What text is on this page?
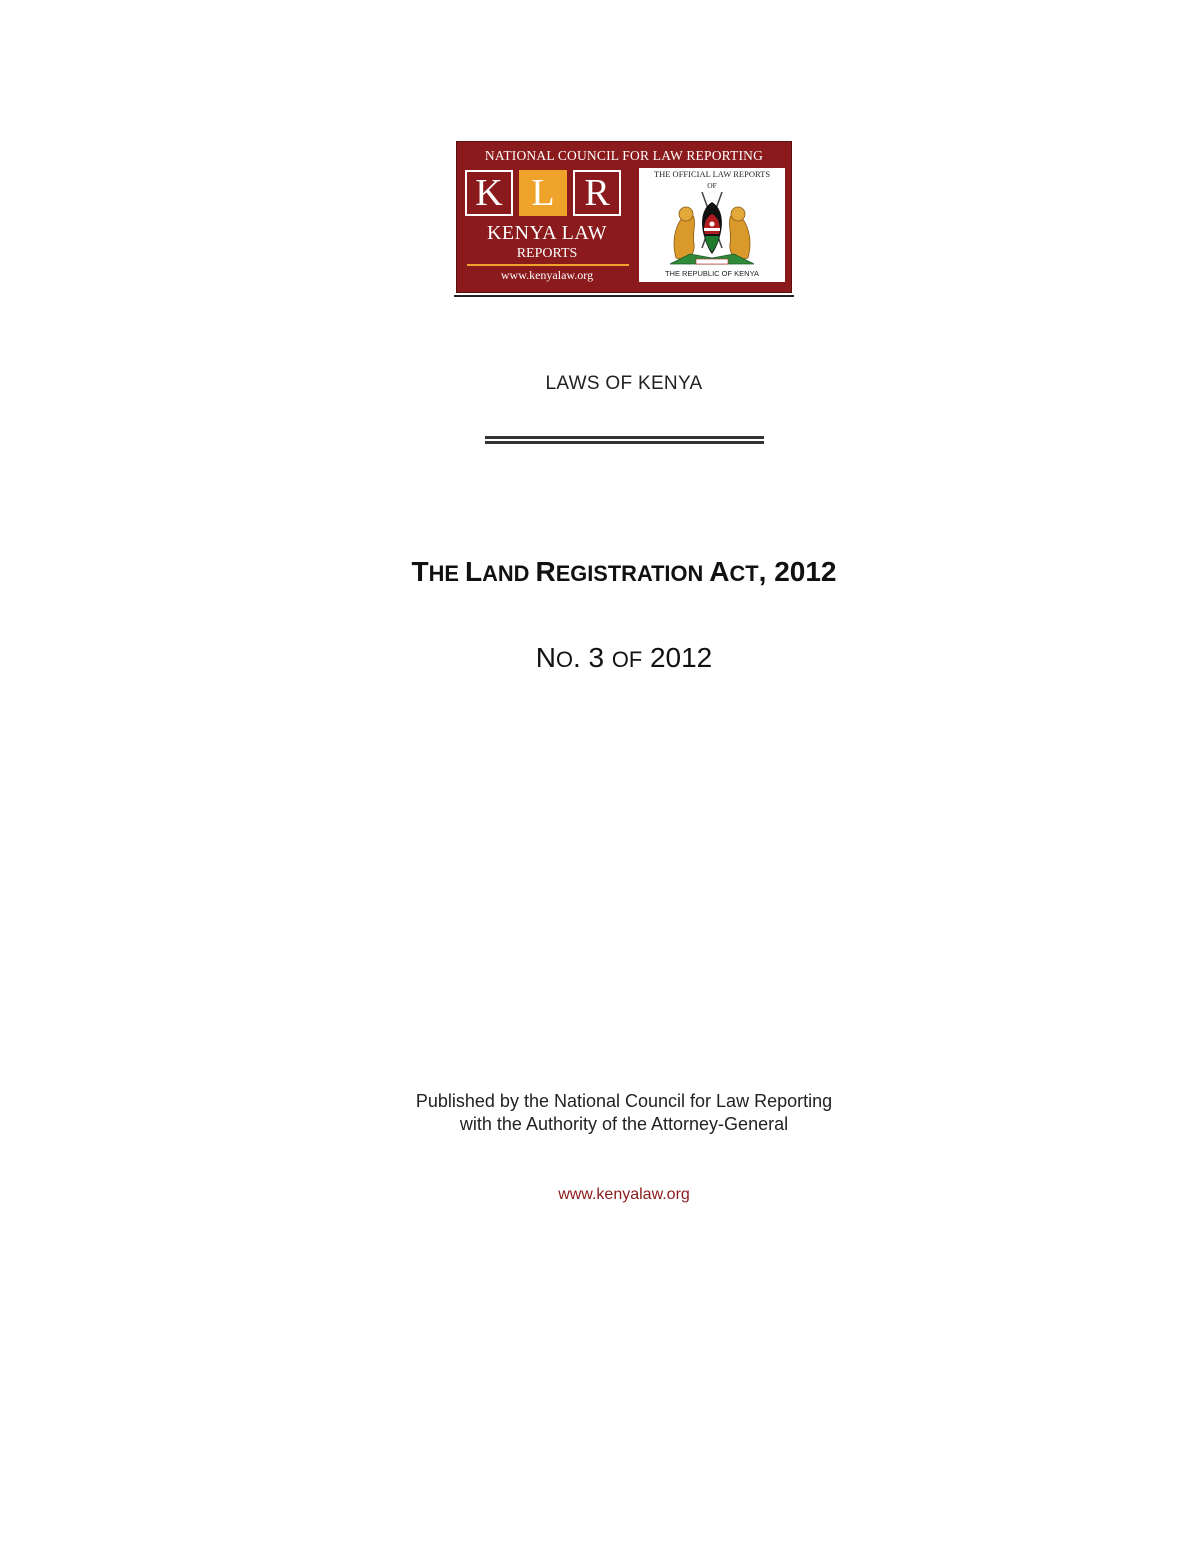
NATIONAL COUNCIL FOR LAW REPORTING
K L R
KENYA LAW
REPORTS
www.kenyalaw.org
THE OFFICIAL LAW REPORTS
OF
THE REPUBLIC OF KENYA
LAWS OF KENYA
THE LAND REGISTRATION ACT, 2012
NO. 3 OF 2012
Published by the National Council for Law Reporting
with the Authority of the Attorney-General
www.kenyalaw.org
